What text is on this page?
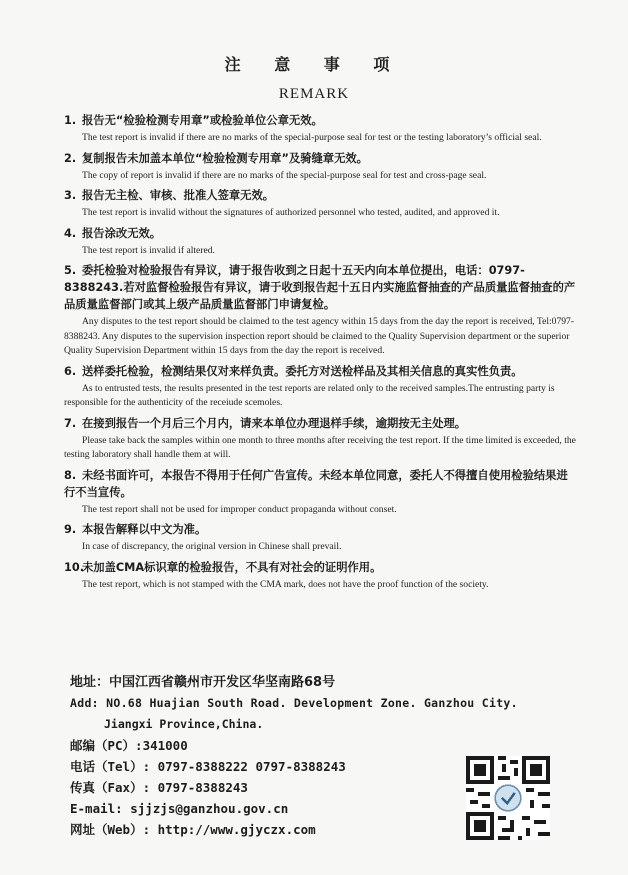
注 意 事 项
REMARK

1. 报告无“检验检测专用章”或检验单位公章无效。

The test report is invalid if there are no marks of the special-purpose seal for test or the testing laboratory’s official seal.

2. 复制报告未加盖本单位“检验检测专用章”及骑缝章无效。

The copy of report is invalid if there are no marks of the special-purpose seal for test and cross-page seal.

3. 报告无主检、审核、批准人签章无效。

The test report is invalid without the signatures of authorized personnel who tested, audited, and approved it.

4. 报告涂改无效。

The test report is invalid if altered.

5. 委托检验对检验报告有异议，请于报告收到之日起十五天内向本单位提出，电话：0797-8388243.若对监督检验报告有异议，请于收到报告起十五日内实施监督抽查的产品质量监督抽查的产品质量监督部门或其上级产品质量监督部门申请复检。

Any disputes to the test report should be claimed to the test agency within 15 days from the day the report is received, Tel:0797-8388243. Any disputes to the supervision inspection report should be claimed to the Quality Supervision department or the superior Quality Supervision Department within 15 days from the day the report is received.

6. 送样委托检验，检测结果仅对来样负责。委托方对送检样品及其相关信息的真实性负责。

As to entrusted tests, the results presented in the test reports are related only to the received samples.The entrusting party is responsible for the authenticity of the receiude scemoles.

7. 在接到报告一个月后三个月内，请来本单位办理退样手续，逾期按无主处理。

Please take back the samples within one month to three months after receiving the test report. If the time limited is exceeded, the testing laboratory shall handle them at will.

8. 未经书面许可，本报告不得用于任何广告宣传。未经本单位同意，委托人不得擅自使用检验结果进行不当宣传。

The test report shall not be used for improper conduct propaganda without conset.

9. 本报告解释以中文为准。

In case of discrepancy, the original version in Chinese shall prevail.

10.未加盖CMA标识章的检验报告，不具有对社会的证明作用。

The test report, which is not stamped with the CMA mark, does not have the proof function of the society.

地址：中国江西省赣州市开发区华坚南路68号
Add: NO.68 Huajian South Road. Development Zone. Ganzhou City.
Jiangxi Province,China.
邮编（PC）:341000
电话（Tel）: 0797-8388222 0797-8388243
传真（Fax）: 0797-8388243
E-mail: sjjzjs@ganzhou.gov.cn
网址（Web）: http://www.gjyczx.com
